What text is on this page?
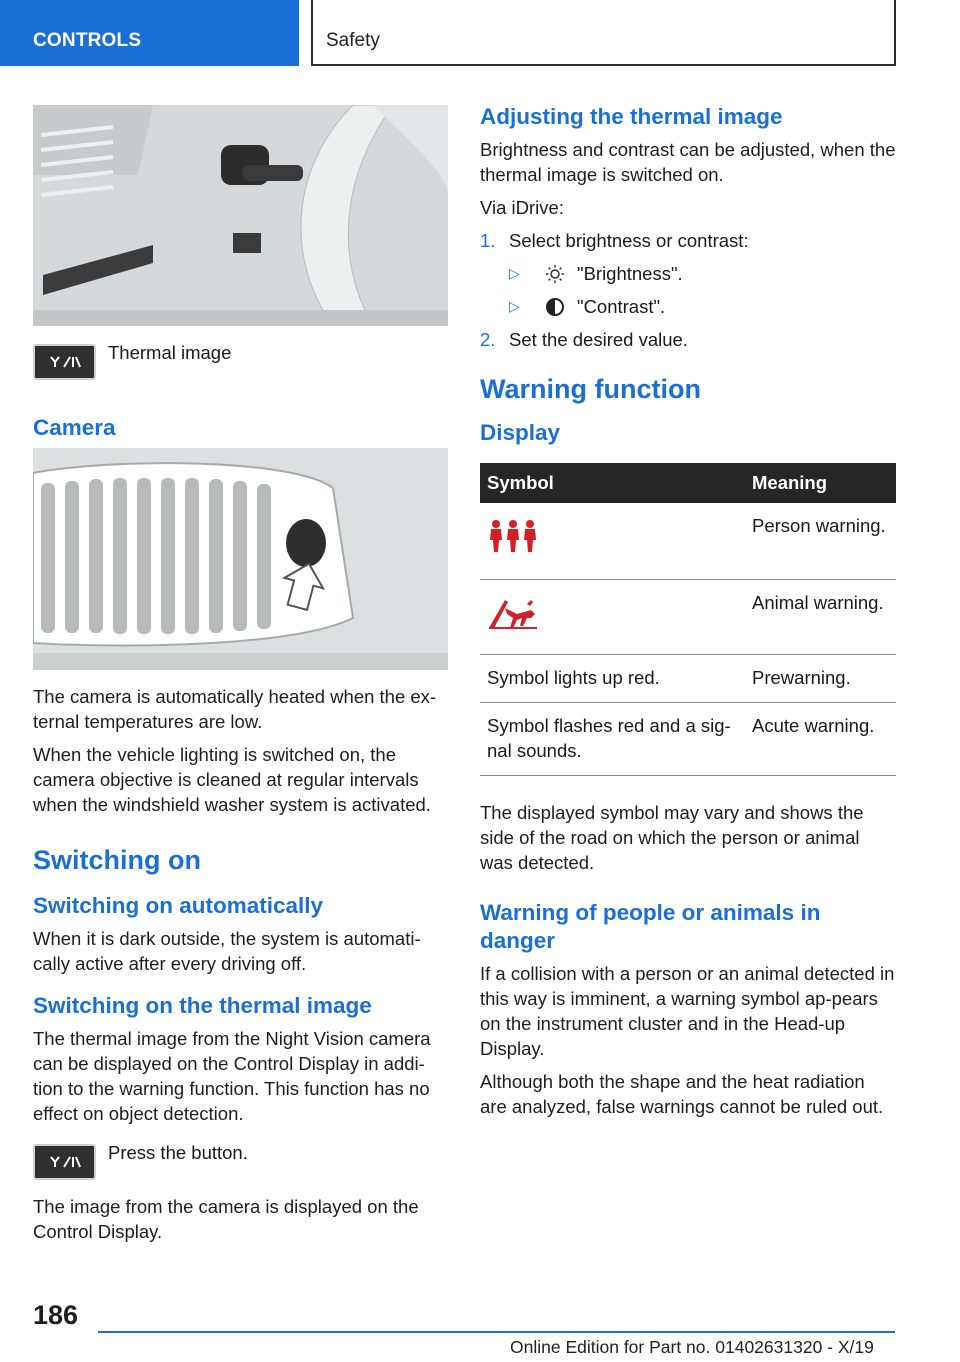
CONTROLS	Safety
Thermal image
Camera

The camera is automatically heated when the ex-ternal temperatures are low.

When the vehicle lighting is switched on, the camera objective is cleaned at regular intervals when the windshield washer system is activated.

Switching on
Switching on automatically

When it is dark outside, the system is automati-cally active after every driving off.

Switching on the thermal image

The thermal image from the Night Vision camera can be displayed on the Control Display in addi-tion to the warning function. This function has no effect on object detection.

Press the button.

The image from the camera is displayed on the Control Display.

Adjusting the thermal image

Brightness and contrast can be adjusted, when the thermal image is switched on.

Via iDrive:

1. Select brightness or contrast:
▷	"Brightness".
▷	"Contrast".
2. Set the desired value.
Warning function
Display
Symbol	Meaning
	Person warning.
	Animal warning.
Symbol lights up red.	Prewarning.
Symbol flashes red and a sig-nal sounds.	Acute warning.

The displayed symbol may vary and shows the side of the road on which the person or animal was detected.

Warning of people or animals in danger

If a collision with a person or an animal detected in this way is imminent, a warning symbol ap-pears on the instrument cluster and in the Head-up Display.

Although both the shape and the heat radiation are analyzed, false warnings cannot be ruled out.

186
Online Edition for Part no. 01402631320 - X/19
